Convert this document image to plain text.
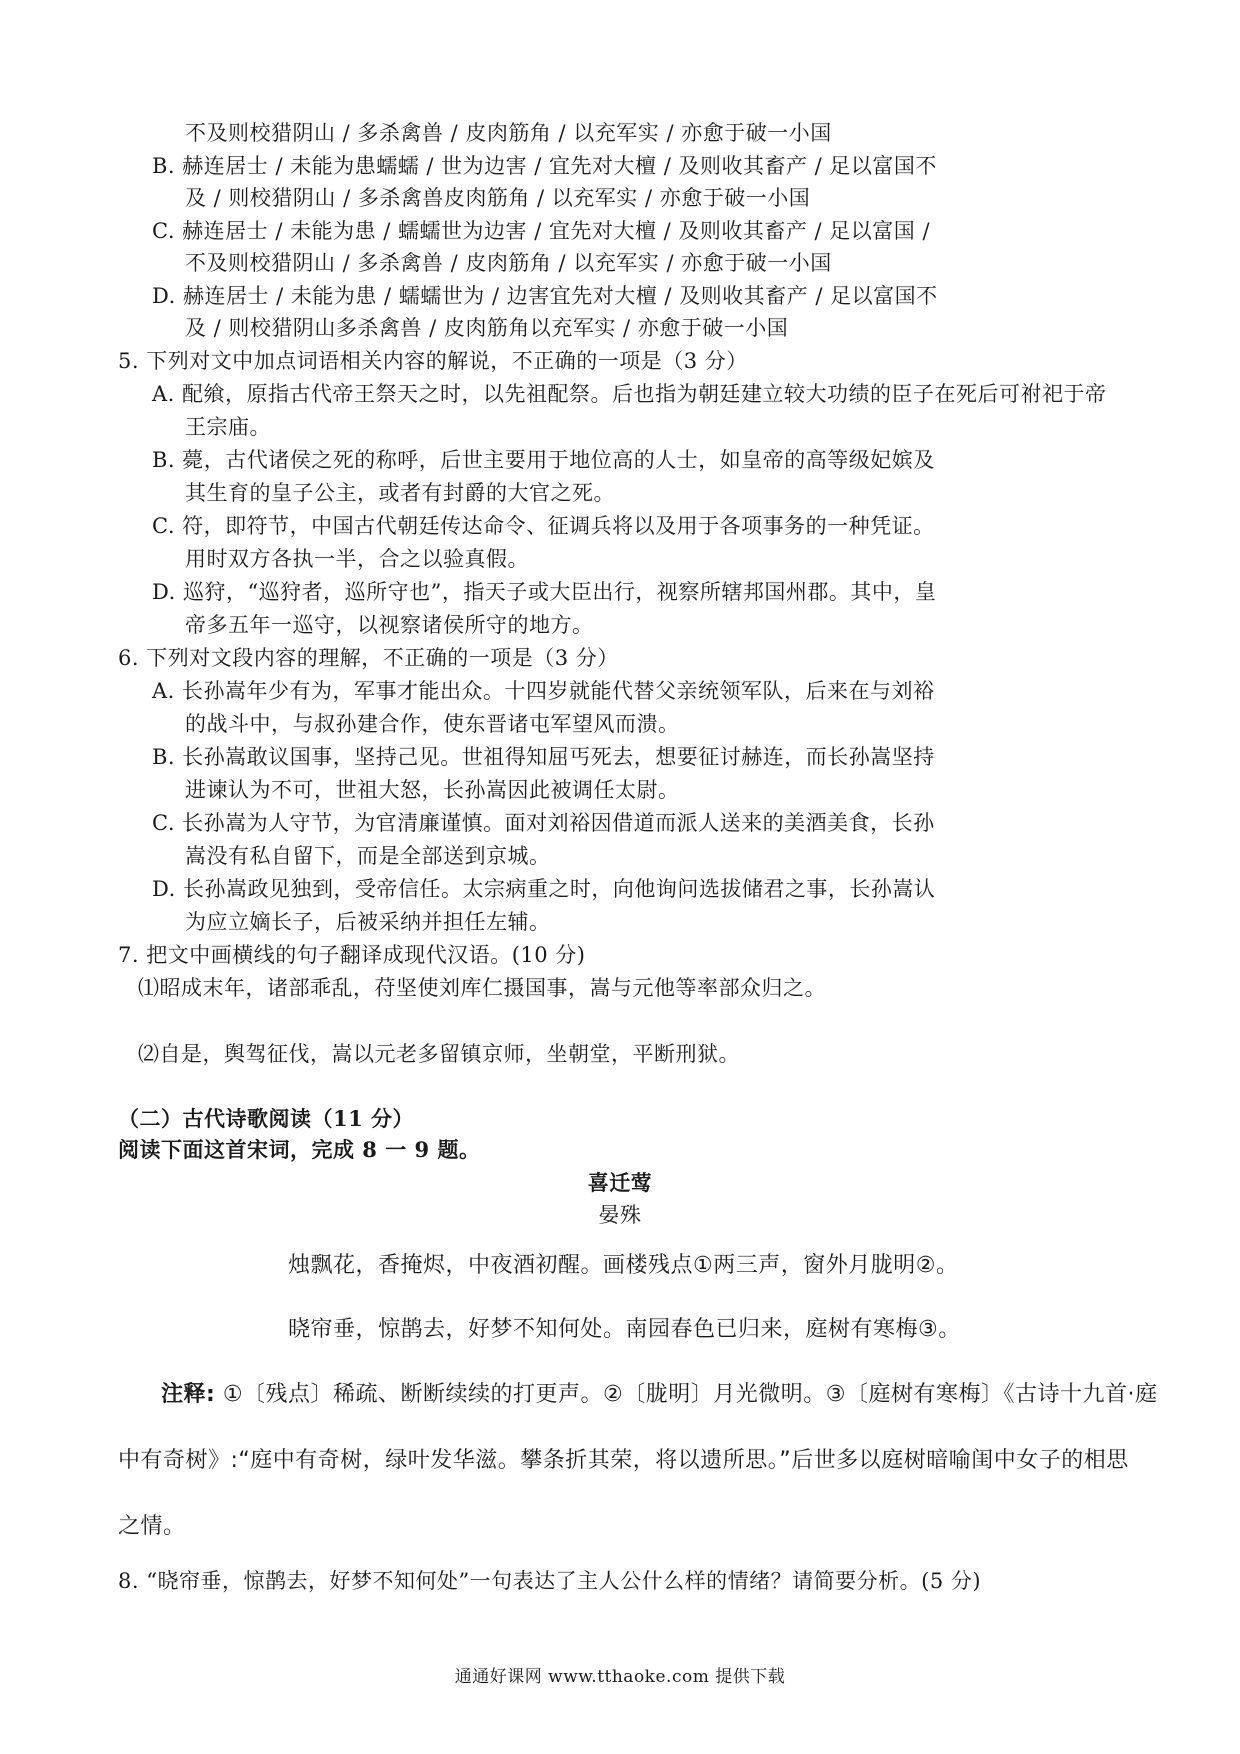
不及则校猎阴山 / 多杀禽兽 / 皮肉筋角 / 以充军实 / 亦愈于破一小国
B. 赫连居士 / 未能为患蠕蠕 / 世为边害 / 宜先对大檀 / 及则收其畜产 / 足以富国不
及 / 则校猎阴山 / 多杀禽兽皮肉筋角 / 以充军实 / 亦愈于破一小国
C. 赫连居士 / 未能为患 / 蠕蠕世为边害 / 宜先对大檀 / 及则收其畜产 / 足以富国 /
不及则校猎阴山 / 多杀禽兽 / 皮肉筋角 / 以充军实 / 亦愈于破一小国
D. 赫连居士 / 未能为患 / 蠕蠕世为 / 边害宜先对大檀 / 及则收其畜产 / 足以富国不
及 / 则校猎阴山多杀禽兽 / 皮肉筋角以充军实 / 亦愈于破一小国
5. 下列对文中加点词语相关内容的解说，不正确的一项是（3 分）
A. 配飨，原指古代帝王祭天之时，以先祖配祭。后也指为朝廷建立较大功绩的臣子在死后可祔祀于帝
王宗庙。
B. 薨，古代诸侯之死的称呼，后世主要用于地位高的人士，如皇帝的高等级妃嫔及
其生育的皇子公主，或者有封爵的大官之死。
C. 符，即符节，中国古代朝廷传达命令、征调兵将以及用于各项事务的一种凭证。
用时双方各执一半，合之以验真假。
D. 巡狩，“巡狩者，巡所守也”，指天子或大臣出行，视察所辖邦国州郡。其中，皇
帝多五年一巡守，以视察诸侯所守的地方。
6. 下列对文段内容的理解，不正确的一项是（3 分）
A. 长孙嵩年少有为，军事才能出众。十四岁就能代替父亲统领军队，后来在与刘裕
的战斗中，与叔孙建合作，使东晋诸屯军望风而溃。
B. 长孙嵩敢议国事，坚持己见。世祖得知屈丐死去，想要征讨赫连，而长孙嵩坚持
进谏认为不可，世祖大怒，长孙嵩因此被调任太尉。
C. 长孙嵩为人守节，为官清廉谨慎。面对刘裕因借道而派人送来的美酒美食，长孙
嵩没有私自留下，而是全部送到京城。
D. 长孙嵩政见独到，受帝信任。太宗病重之时，向他询问选拔储君之事，长孙嵩认
为应立嫡长子，后被采纳并担任左辅。
7. 把文中画横线的句子翻译成现代汉语。(10 分)
⑴昭成末年，诸部乖乱，苻坚使刘库仁摄国事，嵩与元他等率部众归之。
⑵自是，舆驾征伐，嵩以元老多留镇京师，坐朝堂，平断刑狱。
（二）古代诗歌阅读（11 分）
阅读下面这首宋词，完成 8 一 9 题。
喜迁莺
晏殊
烛飘花，香掩烬，中夜酒初醒。画楼残点①两三声，窗外月胧明②。
晓帘垂，惊鹊去，好梦不知何处。南园春色已归来，庭树有寒梅③。
注释: ①〔残点〕稀疏、断断续续的打更声。②〔胧明〕月光微明。③〔庭树有寒梅〕《古诗十九首·庭
中有奇树》:“庭中有奇树，绿叶发华滋。攀条折其荣，将以遗所思。”后世多以庭树暗喻闺中女子的相思
之情。
8. “晓帘垂，惊鹊去，好梦不知何处”一句表达了主人公什么样的情绪？请简要分析。(5 分)
通通好课网 www.tthaoke.com 提供下载
